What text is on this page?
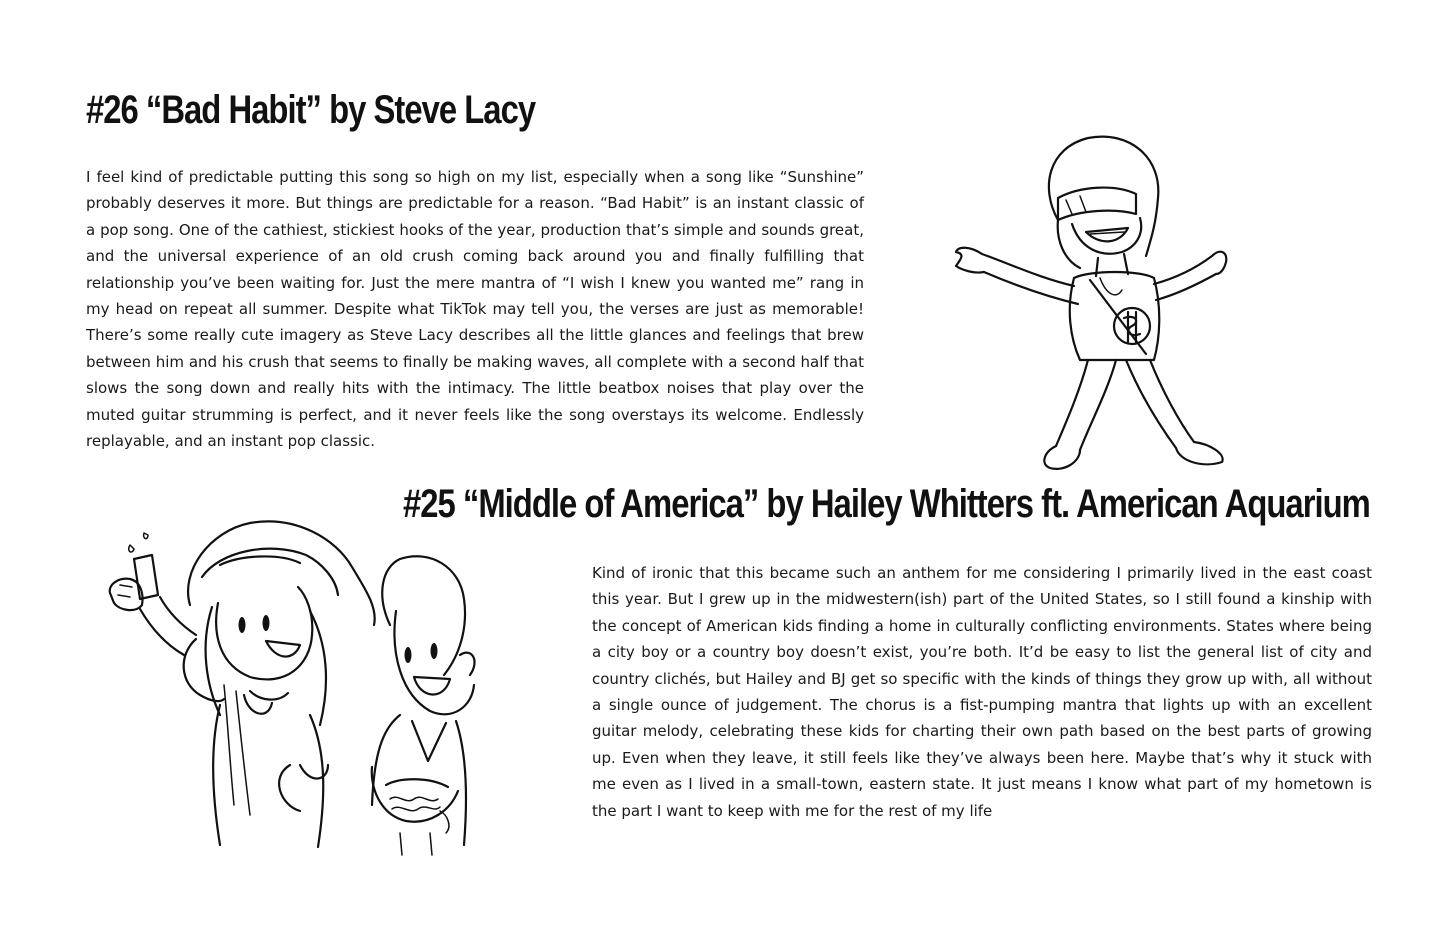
#26 “Bad Habit” by Steve Lacy

I feel kind of predictable putting this song so high on my list, especially when a song like “Sunshine” probably deserves it more. But things are predictable for a reason. “Bad Habit” is an instant classic of a pop song. One of the cathiest, stickiest hooks of the year, production that’s simple and sounds great, and the universal experience of an old crush coming back around you and finally fulfilling that relationship you’ve been waiting for. Just the mere mantra of “I wish I knew you wanted me” rang in my head on repeat all summer. Despite what TikTok may tell you, the verses are just as memorable! There’s some really cute imagery as Steve Lacy describes all the little glances and feelings that brew between him and his crush that seems to finally be making waves, all complete with a second half that slows the song down and really hits with the intimacy. The little beatbox noises that play over the muted guitar strumming is perfect, and it never feels like the song overstays its welcome. Endlessly replayable, and an instant pop classic.

#25 “Middle of America” by Hailey Whitters ft. American Aquarium

Kind of ironic that this became such an anthem for me considering I primarily lived in the east coast this year. But I grew up in the midwestern(ish) part of the United States, so I still found a kinship with the concept of American kids finding a home in culturally conflicting environments. States where being a city boy or a country boy doesn’t exist, you’re both. It’d be easy to list the general list of city and country clichés, but Hailey and BJ get so specific with the kinds of things they grow up with, all without a single ounce of judgement. The chorus is a fist-pumping mantra that lights up with an excellent guitar melody, celebrating these kids for charting their own path based on the best parts of growing up. Even when they leave, it still feels like they’ve always been here. Maybe that’s why it stuck with me even as I lived in a small-town, eastern state. It just means I know what part of my hometown is the part I want to keep with me for the rest of my life
